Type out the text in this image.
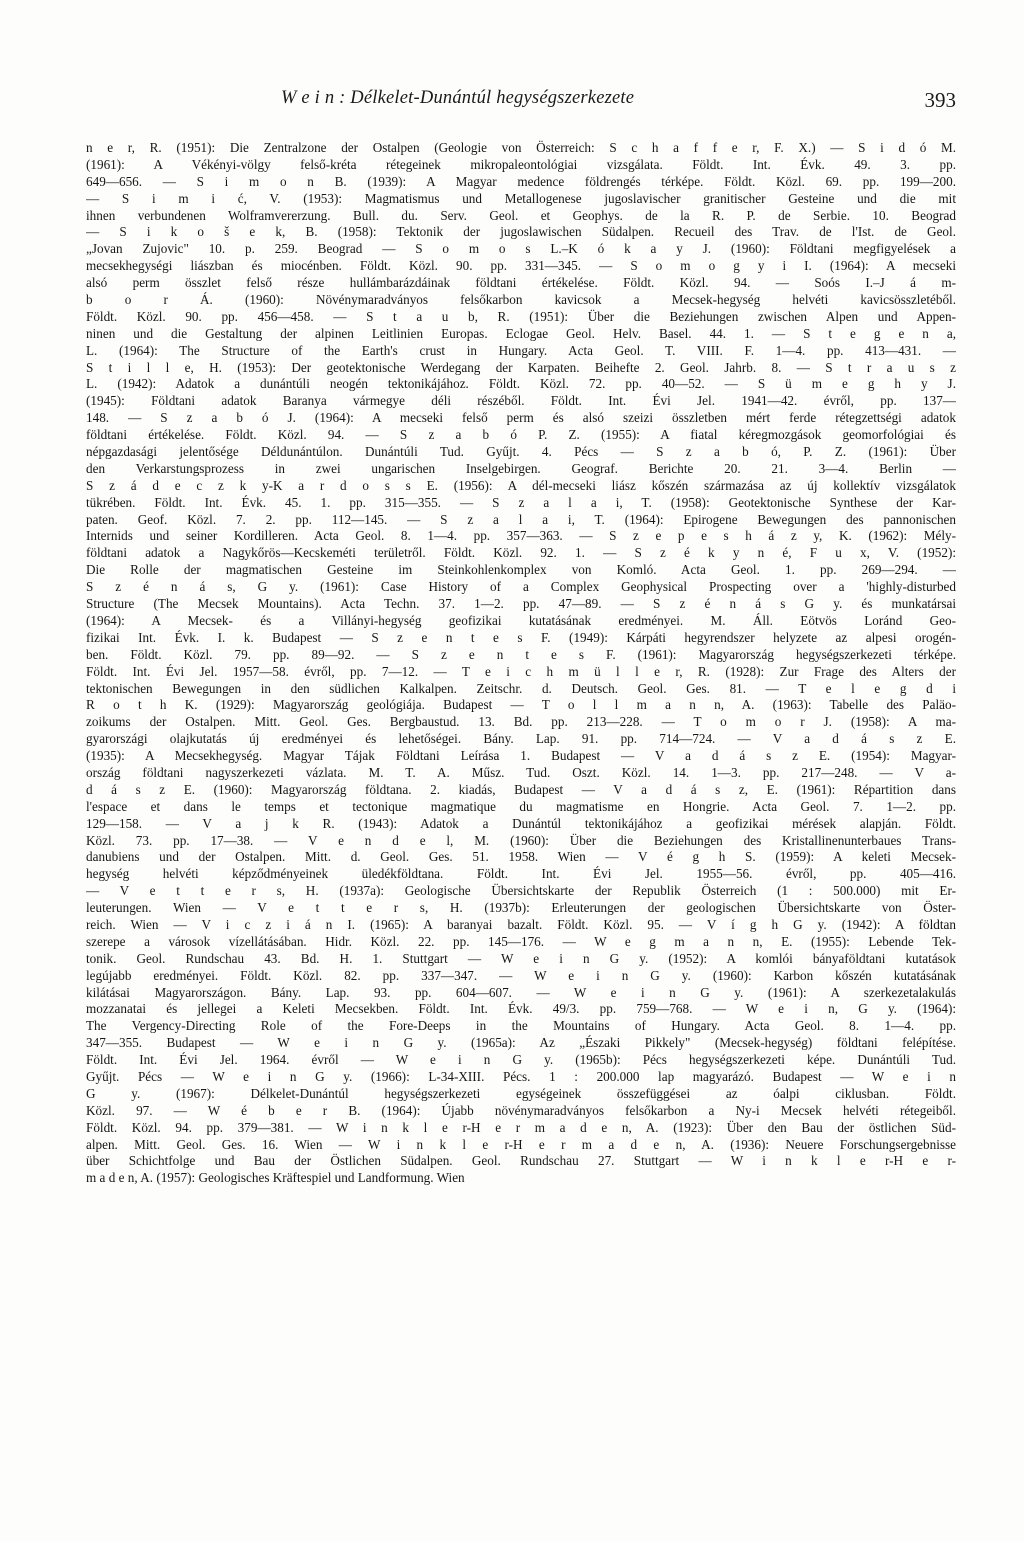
W e i n : Délkelet-Dunántúl hegységszerkezete	393
n e r, R. (1951): Die Zentralzone der Ostalpen (Geologie von Österreich: S c h a f f e r, F. X.) — S i d ó M.
(1961): A Vékényi-völgy felső-kréta rétegeinek mikropaleontológiai vizsgálata. Földt. Int. Évk. 49. 3. pp.
649—656. — S i m o n B. (1939): A Magyar medence földrengés térképe. Földt. Közl. 69. pp. 199—200.
— S i m i ć, V. (1953): Magmatismus und Metallogenese jugoslavischer granitischer Gesteine und die mit
ihnen verbundenen Wolframvererzung. Bull. du. Serv. Geol. et Geophys. de la R. P. de Serbie. 10. Beograd
— S i k o š e k, B. (1958): Tektonik der jugoslawischen Südalpen. Recueil des Trav. de l'Ist. de Geol.
„Jovan Zujovic" 10. p. 259. Beograd — S o m o s L.–K ó k a y J. (1960): Földtani megfigyelések a
mecsekhegységi liászban és miocénben. Földt. Közl. 90. pp. 331—345. — S o m o g y i I. (1964): A mecseki
alsó perm összlet felső része hullámbarázdáinak földtani értékelése. Földt. Közl. 94. — Soós I.–J á m-
b o r Á. (1960): Növénymaradványos felsőkarbon kavicsok a Mecsek-hegység helvéti kavicsösszletéből.
Földt. Közl. 90. pp. 456—458. — S t a u b, R. (1951): Über die Beziehungen zwischen Alpen und Appen-
ninen und die Gestaltung der alpinen Leitlinien Europas. Eclogae Geol. Helv. Basel. 44. 1. — S t e g e n a,
L. (1964): The Structure of the Earth's crust in Hungary. Acta Geol. T. VIII. F. 1—4. pp. 413—431. —
S t i l l e, H. (1953): Der geotektonische Werdegang der Karpaten. Beihefte 2. Geol. Jahrb. 8. — S t r a u s z
L. (1942): Adatok a dunántúli neogén tektonikájához. Földt. Közl. 72. pp. 40—52. — S ü m e g h y J.
(1945): Földtani adatok Baranya vármegye déli részéből. Földt. Int. Évi Jel. 1941—42. évről, pp. 137—
148. — S z a b ó J. (1964): A mecseki felső perm és alsó szeizi összletben mért ferde rétegzettségi adatok
földtani értékelése. Földt. Közl. 94. — S z a b ó P. Z. (1955): A fiatal kéregmozgások geomorfológiai és
népgazdasági jelentősége Déldunántúlon. Dunántúli Tud. Gyűjt. 4. Pécs — S z a b ó, P. Z. (1961): Über
den Verkarstungsprozess in zwei ungarischen Inselgebirgen. Geograf. Berichte 20. 21. 3—4. Berlin —
S z á d e c z k y-K a r d o s s E. (1956): A dél-mecseki liász kőszén származása az új kollektív vizsgálatok
tükrében. Földt. Int. Évk. 45. 1. pp. 315—355. — S z a l a i, T. (1958): Geotektonische Synthese der Kar-
paten. Geof. Közl. 7. 2. pp. 112—145. — S z a l a i, T. (1964): Epirogene Bewegungen des pannonischen
Internids und seiner Kordilleren. Acta Geol. 8. 1—4. pp. 357—363. — S z e p e s h á z y, K. (1962): Mély-
földtani adatok a Nagykőrös—Kecskeméti területről. Földt. Közl. 92. 1. — S z é k y n é, F u x, V. (1952):
Die Rolle der magmatischen Gesteine im Steinkohlenkomplex von Komló. Acta Geol. 1. pp. 269—294. —
S z é n á s, G y. (1961): Case History of a Complex Geophysical Prospecting over a 'highly-disturbed
Structure (The Mecsek Mountains). Acta Techn. 37. 1—2. pp. 47—89. — S z é n á s G y. és munkatársai
(1964): A Mecsek- és a Villányi-hegység geofizikai kutatásának eredményei. M. Áll. Eötvös Loránd Geo-
fizikai Int. Évk. I. k. Budapest — S z e n t e s F. (1949): Kárpáti hegyrendszer helyzete az alpesi orogén-
ben. Földt. Közl. 79. pp. 89—92. — S z e n t e s F. (1961): Magyarország hegységszerkezeti térképe.
Földt. Int. Évi Jel. 1957—58. évről, pp. 7—12. — T e i c h m ü l l e r, R. (1928): Zur Frage des Alters der
tektonischen Bewegungen in den südlichen Kalkalpen. Zeitschr. d. Deutsch. Geol. Ges. 81. — T e l e g d i
R o t h K. (1929): Magyarország geológiája. Budapest — T o l l m a n n, A. (1963): Tabelle des Paläo-
zoikums der Ostalpen. Mitt. Geol. Ges. Bergbaustud. 13. Bd. pp. 213—228. — T o m o r J. (1958): A ma-
gyarországi olajkutatás új eredményei és lehetőségei. Bány. Lap. 91. pp. 714—724. — V a d á s z E.
(1935): A Mecsekhegység. Magyar Tájak Földtani Leírása 1. Budapest — V a d á s z E. (1954): Magyar-
ország földtani nagyszerkezeti vázlata. M. T. A. Műsz. Tud. Oszt. Közl. 14. 1—3. pp. 217—248. — V a-
d á s z E. (1960): Magyarország földtana. 2. kiadás, Budapest — V a d á s z, E. (1961): Répartition dans
l'espace et dans le temps et tectonique magmatique du magmatisme en Hongrie. Acta Geol. 7. 1—2. pp.
129—158. — V a j k R. (1943): Adatok a Dunántúl tektonikájához a geofizikai mérések alapján. Földt.
Közl. 73. pp. 17—38. — V e n d e l, M. (1960): Über die Beziehungen des Kristallinenunterbaues Trans-
danubiens und der Ostalpen. Mitt. d. Geol. Ges. 51. 1958. Wien — V é g h S. (1959): A keleti Mecsek-
hegység helvéti képződményeinek üledékföldtana. Földt. Int. Évi Jel. 1955—56. évről, pp. 405—416.
— V e t t e r s, H. (1937a): Geologische Übersichtskarte der Republik Österreich (1 : 500.000) mit Er-
leuterungen. Wien — V e t t e r s, H. (1937b): Erleuterungen der geologischen Übersichtskarte von Öster-
reich. Wien — V i c z i á n I. (1965): A baranyai bazalt. Földt. Közl. 95. — V í g h G y. (1942): A földtan
szerepe a városok vízellátásában. Hidr. Közl. 22. pp. 145—176. — W e g m a n n, E. (1955): Lebende Tek-
tonik. Geol. Rundschau 43. Bd. H. 1. Stuttgart — W e i n G y. (1952): A komlói bányaföldtani kutatások
legújabb eredményei. Földt. Közl. 82. pp. 337—347. — W e i n G y. (1960): Karbon kőszén kutatásának
kilátásai Magyarországon. Bány. Lap. 93. pp. 604—607. — W e i n G y. (1961): A szerkezetalakulás
mozzanatai és jellegei a Keleti Mecsekben. Földt. Int. Évk. 49/3. pp. 759—768. — W e i n, G y. (1964):
The Vergency-Directing Role of the Fore-Deeps in the Mountains of Hungary. Acta Geol. 8. 1—4. pp.
347—355. Budapest — W e i n G y. (1965a): Az „Északi Pikkely" (Mecsek-hegység) földtani felépítése.
Földt. Int. Évi Jel. 1964. évről — W e i n G y. (1965b): Pécs hegységszerkezeti képe. Dunántúli Tud.
Gyűjt. Pécs — W e i n G y. (1966): L-34-XIII. Pécs. 1 : 200.000 lap magyarázó. Budapest — W e i n
G y. (1967): Délkelet-Dunántúl hegységszerkezeti egységeinek összefüggései az óalpi ciklusban. Földt.
Közl. 97. — W é b e r B. (1964): Újabb növénymaradványos felsőkarbon a Ny-i Mecsek helvéti rétegeiből.
Földt. Közl. 94. pp. 379—381. — W i n k l e r-H e r m a d e n, A. (1923): Über den Bau der östlichen Süd-
alpen. Mitt. Geol. Ges. 16. Wien — W i n k l e r-H e r m a d e n, A. (1936): Neuere Forschungsergebnisse
über Schichtfolge und Bau der Östlichen Südalpen. Geol. Rundschau 27. Stuttgart — W i n k l e r-H e r-
m a d e n, A. (1957): Geologisches Kräftespiel und Landformung. Wien
